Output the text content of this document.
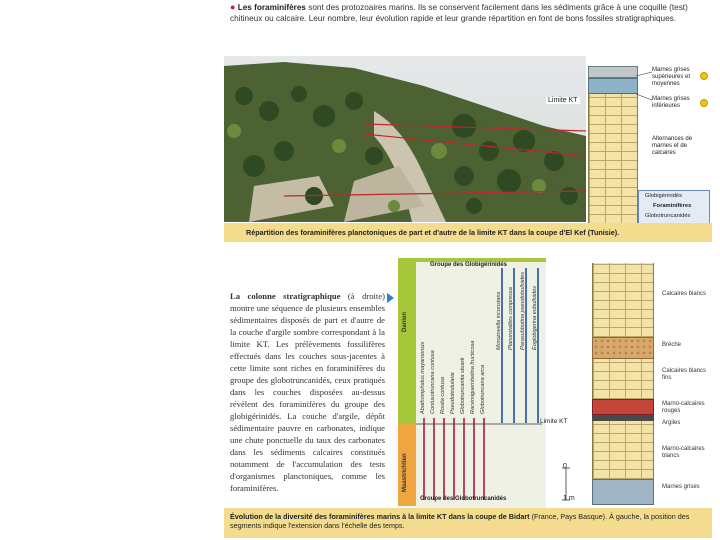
● Les foraminifères sont des protozoaires marins. Ils se conservent facilement dans les sédiments grâce à une coquille (test) chitineux ou calcaire. Leur nombre, leur évolution rapide et leur grande répartition en font de bons fossiles stratigraphiques.
Limite KT
Marnes grises supérieures et moyennes
Marnes grises inférieures
Alternances de marnes et de calcaires
Globigérinidés
Foraminifères
Globotruncanidés
Répartition des foraminifères planctoniques de part et d'autre de la limite KT dans la coupe d'El Kef (Tunisie).
La colonne stratigraphique (à droite) montre une séquence de plusieurs ensembles sédimentaires disposés de part et d'autre de la couche d'argile sombre correspondant à la limite KT. Les prélèvements fossilifères effectués dans les couches sous-jacentes à cette limite sont riches en foraminifères du groupe des globotruncanidés, ceux pratiqués dans les couches disposées au-dessus révèlent des foraminifères du groupe des globigérinidés. La couche d'argile, dépôt sédimentaire pauvre en carbonates, indique une chute ponctuelle du taux des carbonates dans les sédiments calcaires constitués notamment de l'accumulation des tests d'organismes planctoniques, comme les foraminifères.
Danien
Maastrichtien
Groupe des Globigérinidés
Groupe des Globotruncanidés
Morozovella inconstans Planorotalites compressa Parasubbotina pseudobulloides Eoglobigerina eobulloides
Abathomphalus mayaroensis Contusotruncana contusa Rosita contusa Pseudotextularia Globotruncanita stuarti Racemiguembelina fructicosa Globotruncana arca
Limite KT
0
1 m
Calcaires blancs
Brèche
Calcaires blancs fins
Marno-calcaires rouges
Argiles
Marno-calcaires blancs
Marnes grises
Évolution de la diversité des foraminifères marins à la limite KT dans la coupe de Bidart (France, Pays Basque). À gauche, la position des segments indique l'extension dans l'échelle des temps.
